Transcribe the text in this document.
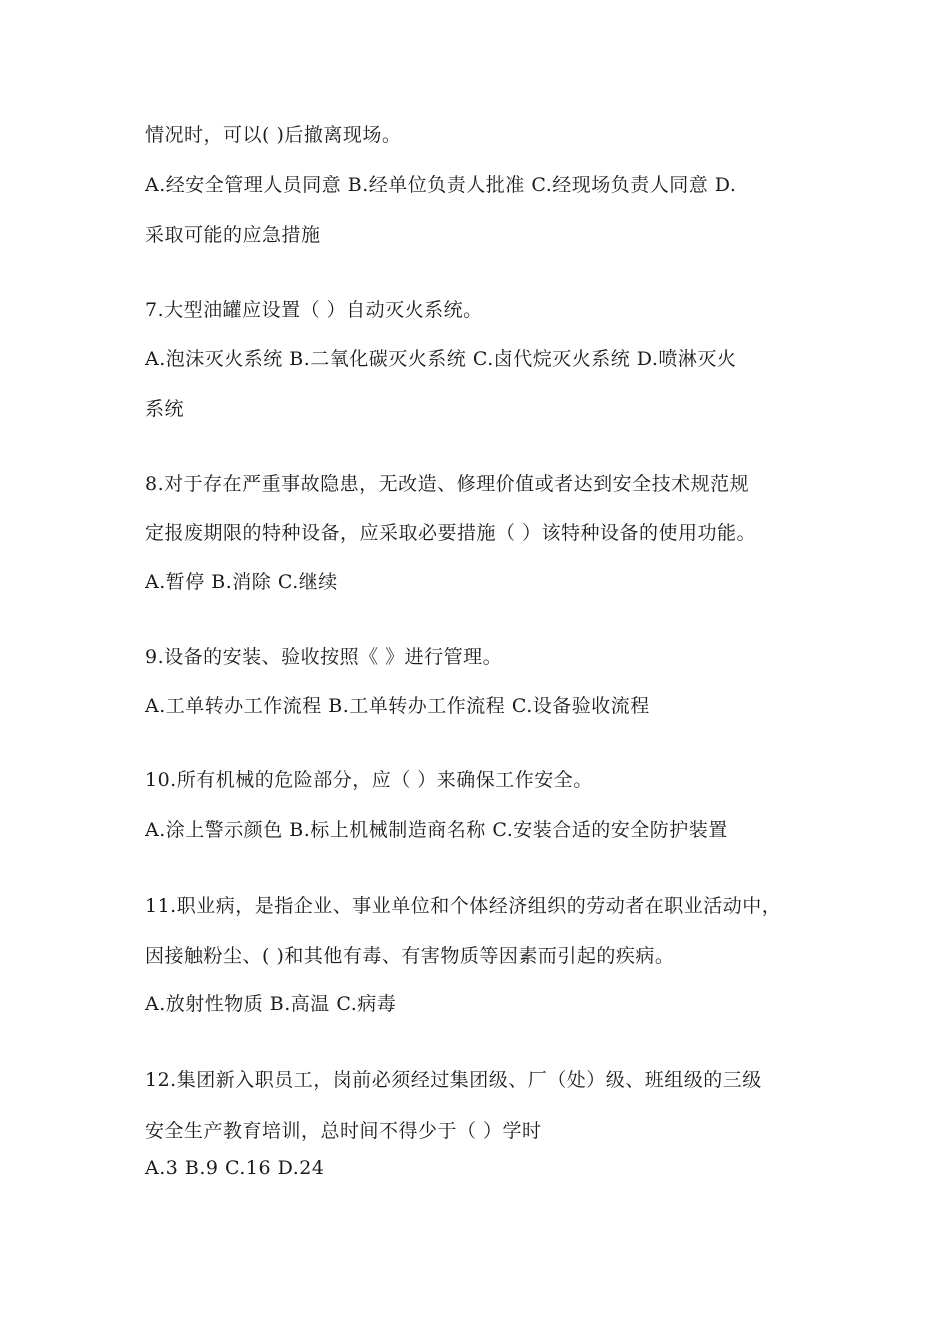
情况时，可以( )后撤离现场。
A.经安全管理人员同意 B.经单位负责人批准 C.经现场负责人同意 D.
采取可能的应急措施
7.大型油罐应设置（ ）自动灭火系统。
A.泡沫灭火系统 B.二氧化碳灭火系统 C.卤代烷灭火系统 D.喷淋灭火
系统
8.对于存在严重事故隐患，无改造、修理价值或者达到安全技术规范规
定报废期限的特种设备，应采取必要措施（ ）该特种设备的使用功能。
A.暂停 B.消除 C.继续
9.设备的安装、验收按照《 》进行管理。
A.工单转办工作流程 B.工单转办工作流程 C.设备验收流程
10.所有机械的危险部分，应（ ）来确保工作安全。
A.涂上警示颜色 B.标上机械制造商名称 C.安装合适的安全防护装置
11.职业病，是指企业、事业单位和个体经济组织的劳动者在职业活动中，
因接触粉尘、( )和其他有毒、有害物质等因素而引起的疾病。
A.放射性物质 B.高温 C.病毒
12.集团新入职员工，岗前必须经过集团级、厂（处）级、班组级的三级
安全生产教育培训，总时间不得少于（ ）学时
A.3 B.9 C.16 D.24
